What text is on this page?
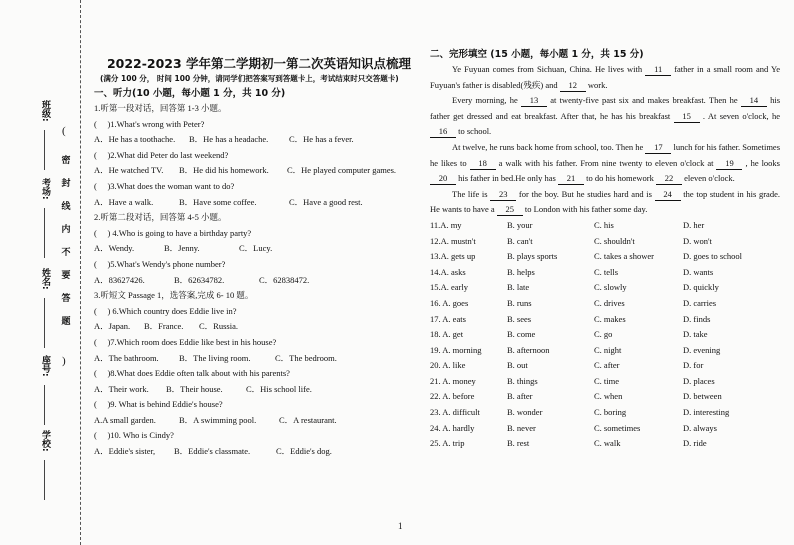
班级:
考场:
姓名:
座号:
学校:
(
密
封
线
内
不
要
答
题
)
2022-2023 学年第二学期初一第二次英语知识点梳理
(满分 100 分， 时间 100 分钟，请同学们把答案写到答题卡上，考试结束时只交答题卡)
一、听力(10 小题，每小题 1 分，共 10 分)
1.听第一段对话，回答第 1-3 小题。
(　 )1.What's wrong with Peter?
A．He has a toothache. B．He has a headache. C．He has a fever.
(　 )2.What did Peter do last weekend?
A．He watched TV. B．He did his homework. C．He played computer games.
(　 )3.What does the woman want to do?
A．Have a walk.	B．Have some coffee.	C．Have a good rest.
2.听第二段对话，回答第 4-5 小题。
(　 ) 4.Who is going to have a birthday party?
A．Wendy.	B．Jenny.	C．Lucy.
(　 )5.What's Wendy's phone number?
A．83627426.	B．62634782.	C．62838472.
3.听短文 Passage 1，选答案,完成 6- 10 题。
(　 ) 6.Which country does Eddie live in?
A．Japan. B．France. C．Russia.
(　 )7.Which room does Eddie like best in his house?
A．The bathroom. B．The living room.	C．The bedroom.
(　 )8.What does Eddie often talk about with his parents?
A．Their work. B．Their house.	C．His school life.
(　 )9. What is behind Eddie's house?
A.A small garden.	B．A swimming pool.	C．A restaurant.
(　 )10. Who is Cindy?
A．Eddie's sister, B．Eddie's classmate.	C．Eddie's dog.
二、完形填空 (15 小题，每小题 1 分，共 15 分)
Ye Fuyuan comes from Sichuan, China. He lives with 11 father in a small room and Ye Fuyuan's father is disabled(残疾) and 12 work.
Every morning, he 13 at twenty-five past six and makes breakfast. Then he 14 his father get dressed and eat breakfast. After that, he has his breakfast 15 . At seven o'clock, he 16 to school.
At twelve, he runs back home from school, too. Then he 17 lunch for his father. Sometimes he likes to 18 a walk with his father. From nine twenty to eleven o'clock at 19 , he looks 20 his father in bed.He only has 21 to do his homework 22 eleven o'clock.
The life is 23 for the boy. But he studies hard and is 24 the top student in his grade. He wants to have a 25 to London with his father some day.
11.A. my	B. your	C. his	D. her
12.A. mustn't	B. can't	C. shouldn't	D. won't
13.A. gets up	B. plays sports	C. takes a shower	D. goes to school
14.A. asks	B. helps	C. tells	D. wants
15.A. early	B. late	C. slowly	D. quickly
16. A. goes	B. runs	C. drives	D. carries
17. A. eats	B. sees	C. makes	D. finds
18. A. get	B. come	C. go	D. take
19. A. morning	B. afternoon	C. night	D. evening
20. A. like	B. out	C. after	D. for
21. A. money	B. things	C. time	D. places
22. A. before	B. after	C. when	D. between
23. A. difficult	B. wonder	C. boring	D. interesting
24. A. hardly	B. never	C. sometimes	D. always
25. A. trip	B. rest	C. walk	D. ride
1
